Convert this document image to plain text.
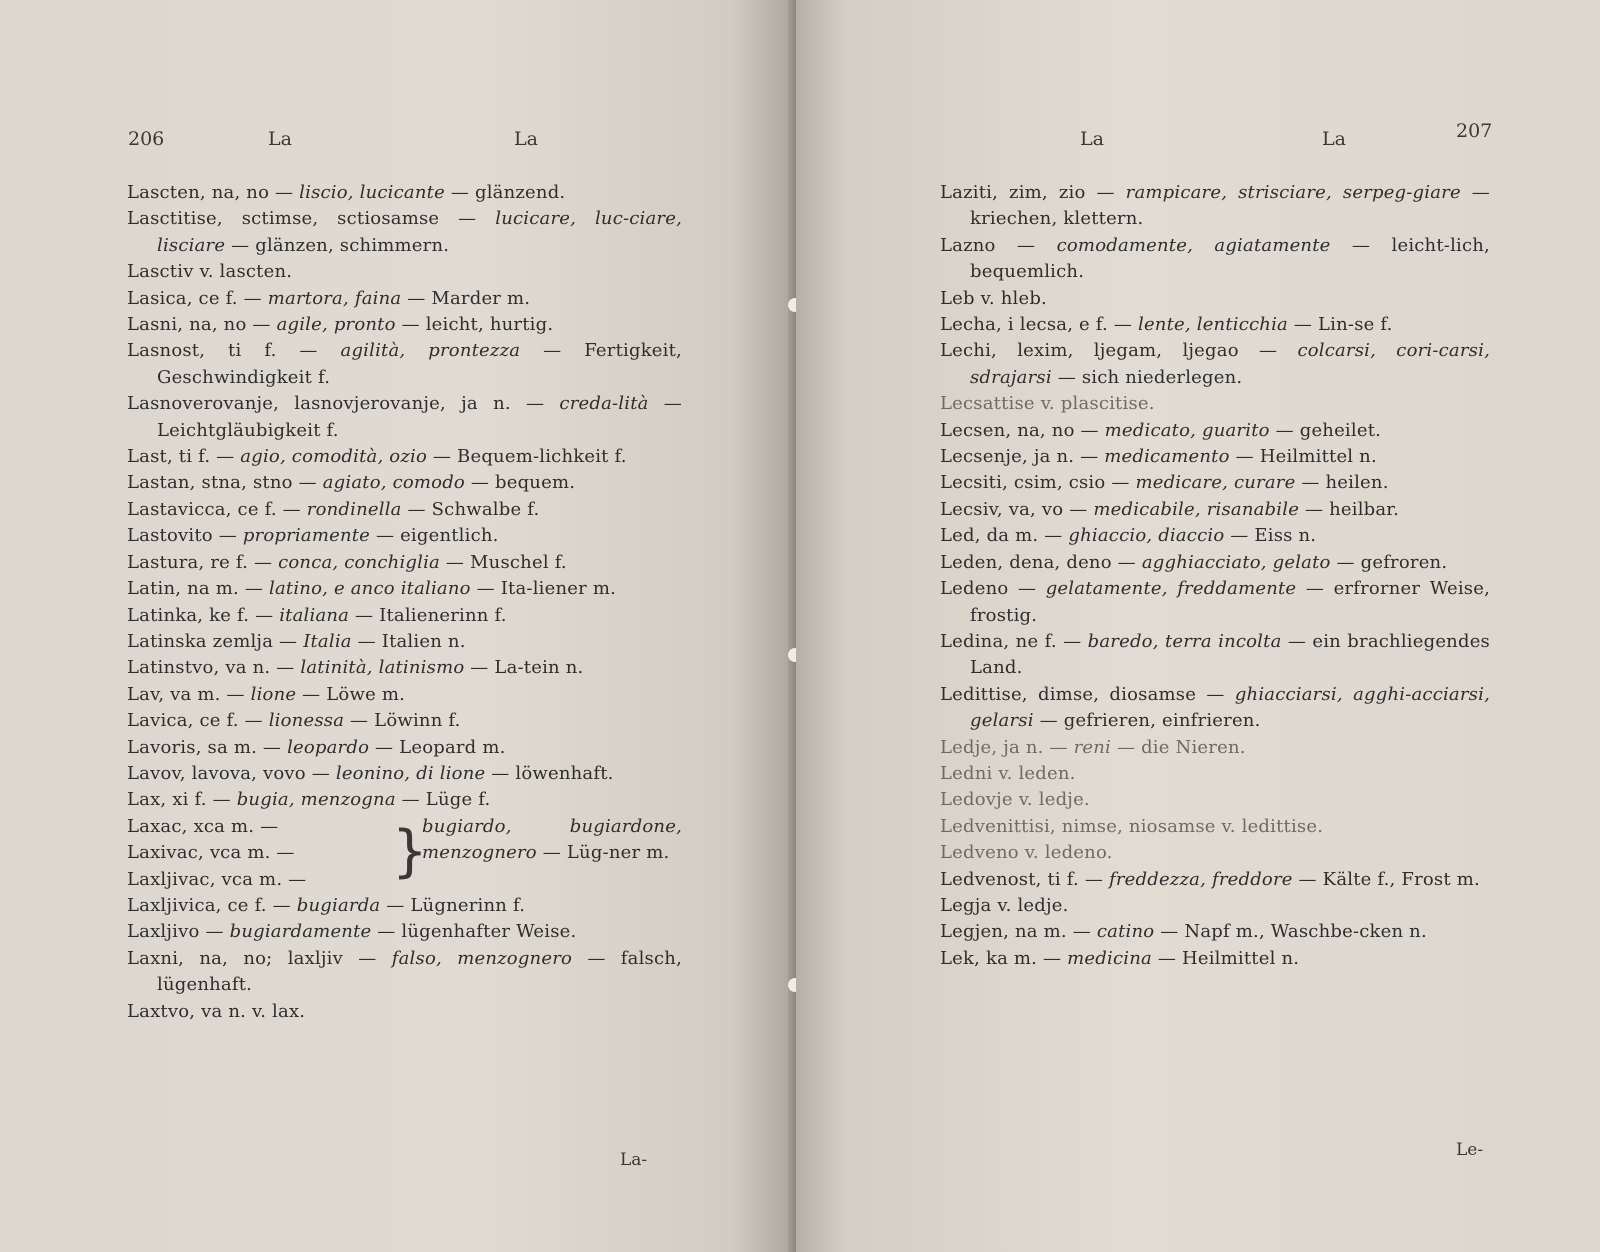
206	La	La
Lascten, na, no — liscio, lucicante — glänzend.
Lasctitise, sctimse, sctiosamse — lucicare, luc-ciare, lisciare — glänzen, schimmern.
Lasctiv v. lascten.
Lasica, ce f. — martora, faina — Marder m.
Lasni, na, no — agile, pronto — leicht, hurtig.
Lasnost, ti f. — agilità, prontezza — Fertigkeit, Geschwindigkeit f.
Lasnoverovanje, lasnovjerovanje, ja n. — creda-lità — Leichtgläubigkeit f.
Last, ti f. — agio, comodità, ozio — Bequem-lichkeit f.
Lastan, stna, stno — agiato, comodo — bequem.
Lastavicca, ce f. — rondinella — Schwalbe f.
Lastovito — propriamente — eigentlich.
Lastura, re f. — conca, conchiglia — Muschel f.
Latin, na m. — latino, e anco italiano — Ita-liener m.
Latinka, ke f. — italiana — Italienerinn f.
Latinska zemlja — Italia — Italien n.
Latinstvo, va n. — latinità, latinismo — La-tein n.
Lav, va m. — lione — Löwe m.
Lavica, ce f. — lionessa — Löwinn f.
Lavoris, sa m. — leopardo — Leopard m.
Lavov, lavova, vovo — leonino, di lione — löwenhaft.
Lax, xi f. — bugia, menzogna — Lüge f.
Laxac, xca m. —
Laxivac, vca m. —
Laxljivac, vca m. —	}
bugiardo, bugiardone, menzognero — Lüg-ner m.
Laxljivica, ce f. — bugiarda — Lügnerinn f.
Laxljivo — bugiardamente — lügenhafter Weise.
Laxni, na, no; laxljiv — falso, menzognero — falsch, lügenhaft.
Laxtvo, va n. v. lax.
La-
La	La	207
Laziti, zim, zio — rampicare, strisciare, serpeg-giare — kriechen, klettern.
Lazno — comodamente, agiatamente — leicht-lich, bequemlich.
Leb v. hleb.
Lecha, i lecsa, e f. — lente, lenticchia — Lin-se f.
Lechi, lexim, ljegam, ljegao — colcarsi, cori-carsi, sdrajarsi — sich niederlegen.
Lecsattise v. plascitise.
Lecsen, na, no — medicato, guarito — geheilet.
Lecsenje, ja n. — medicamento — Heilmittel n.
Lecsiti, csim, csio — medicare, curare — heilen.
Lecsiv, va, vo — medicabile, risanabile — heilbar.
Led, da m. — ghiaccio, diaccio — Eiss n.
Leden, dena, deno — agghiacciato, gelato — gefroren.
Ledeno — gelatamente, freddamente — erfrorner Weise, frostig.
Ledina, ne f. — baredo, terra incolta — ein brachliegendes Land.
Ledittise, dimse, diosamse — ghiacciarsi, agghi-acciarsi, gelarsi — gefrieren, einfrieren.
Ledje, ja n. — reni — die Nieren.
Ledni v. leden.
Ledovje v. ledje.
Ledvenittisi, nimse, niosamse v. ledittise.
Ledveno v. ledeno.
Ledvenost, ti f. — freddezza, freddore — Kälte f., Frost m.
Legja v. ledje.
Legjen, na m. — catino — Napf m., Waschbe-cken n.
Lek, ka m. — medicina — Heilmittel n.
Le-
